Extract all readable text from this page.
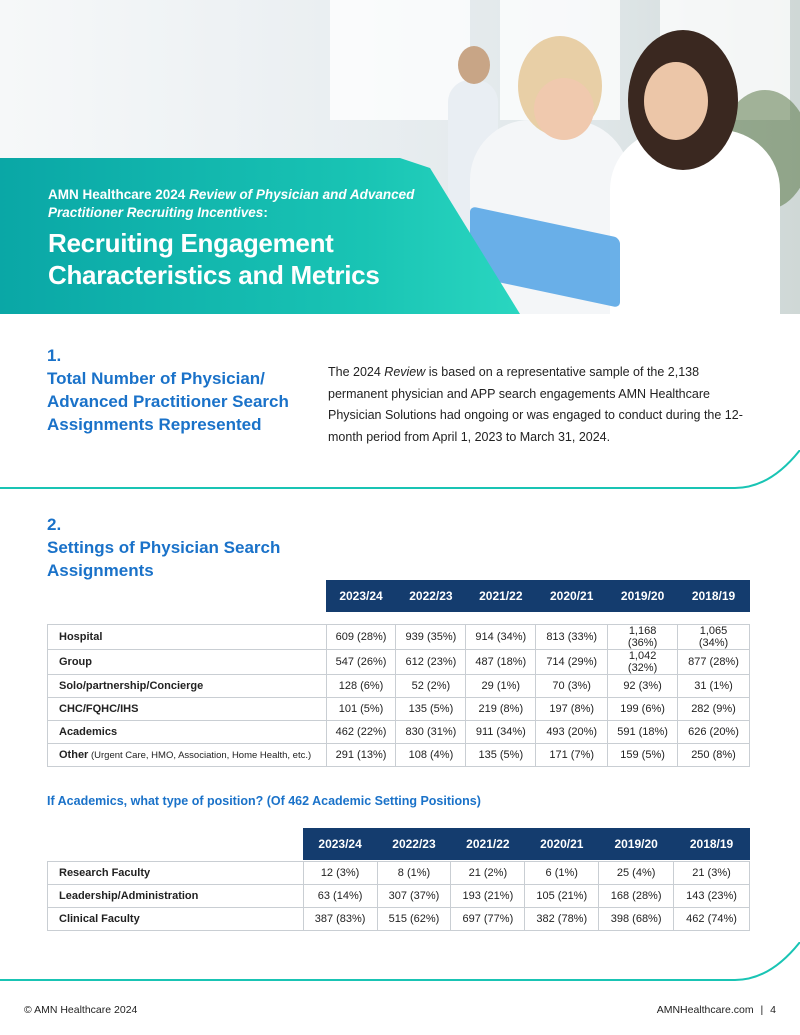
AMN Healthcare 2024 Review of Physician and Advanced Practitioner Recruiting Incentives:
Recruiting Engagement Characteristics and Metrics
1.
Total Number of Physician/ Advanced Practitioner Search Assignments Represented
The 2024 Review is based on a representative sample of the 2,138 permanent physician and APP search engagements AMN Healthcare Physician Solutions had ongoing or was engaged to conduct during the 12-month period from April 1, 2023 to March 31, 2024.
2.
Settings of Physician Search Assignments
	2023/24	2022/23	2021/22	2020/21	2019/20	2018/19

Hospital	609 (28%)	939 (35%)	914 (34%)	813 (33%)	1,168 (36%)	1,065 (34%)
Group	547 (26%)	612 (23%)	487 (18%)	714 (29%)	1,042 (32%)	877 (28%)
Solo/partnership/Concierge	128 (6%)	52 (2%)	29 (1%)	70 (3%)	92 (3%)	31 (1%)
CHC/FQHC/IHS	101 (5%)	135 (5%)	219 (8%)	197 (8%)	199 (6%)	282 (9%)
Academics	462 (22%)	830 (31%)	911 (34%)	493 (20%)	591 (18%)	626 (20%)
Other (Urgent Care, HMO, Association, Home Health, etc.)	291 (13%)	108 (4%)	135 (5%)	171 (7%)	159 (5%)	250 (8%)
If Academics, what type of position? (Of 462 Academic Setting Positions)
	2023/24	2022/23	2021/22	2020/21	2019/20	2018/19

Research Faculty	12 (3%)	8 (1%)	21 (2%)	6 (1%)	25 (4%)	21 (3%)
Leadership/Administration	63 (14%)	307 (37%)	193 (21%)	105 (21%)	168 (28%)	143 (23%)
Clinical Faculty	387 (83%)	515 (62%)	697 (77%)	382 (78%)	398 (68%)	462 (74%)
© AMN Healthcare 2024	AMNHealthcare.com | 4
